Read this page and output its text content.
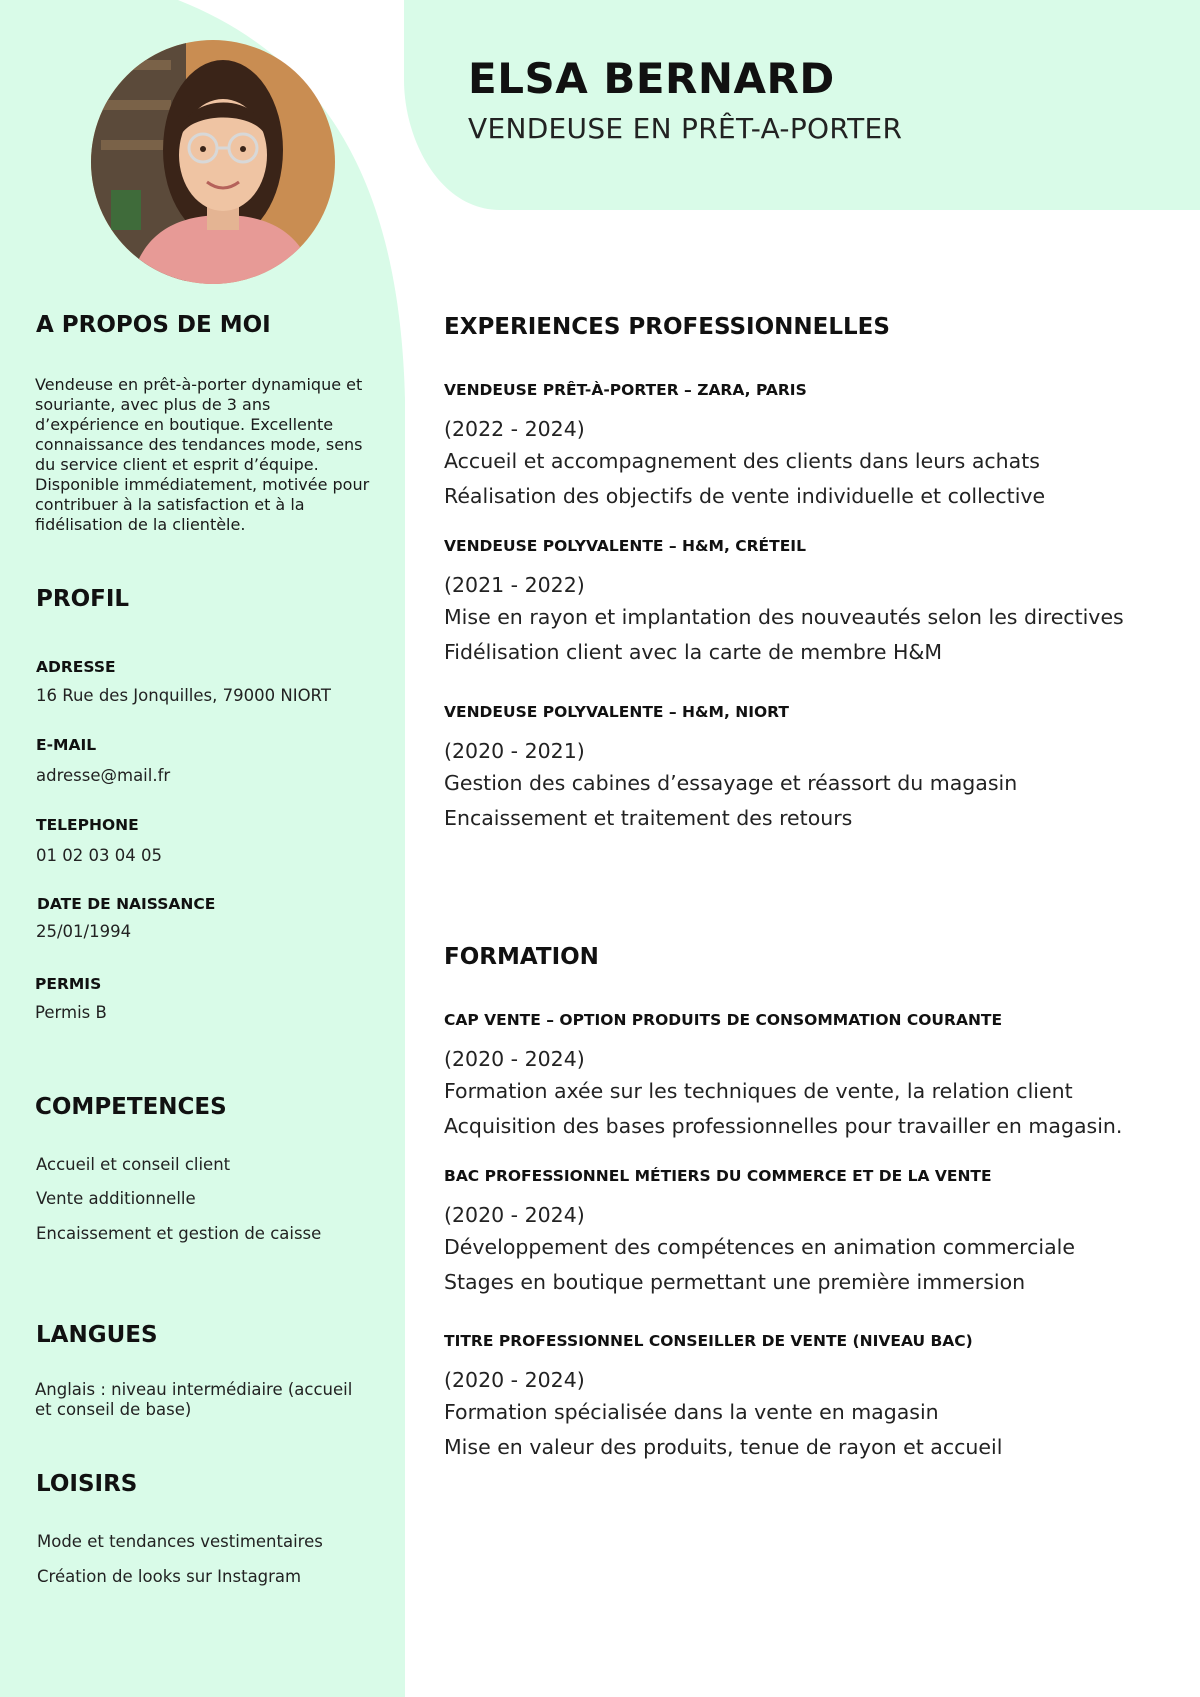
ELSA BERNARD
VENDEUSE EN PRÊT-A-PORTER
A PROPOS DE MOI

Vendeuse en prêt-à-porter dynamique et souriante, avec plus de 3 ans d’expérience en boutique. Excellente connaissance des tendances mode, sens du service client et esprit d’équipe. Disponible immédiatement, motivée pour contribuer à la satisfaction et à la fidélisation de la clientèle.

PROFIL
ADRESSE
16 Rue des Jonquilles, 79000 NIORT
E-MAIL
adresse@mail.fr
TELEPHONE
01 02 03 04 05
DATE DE NAISSANCE
25/01/1994
PERMIS
Permis B
COMPETENCES
Accueil et conseil client
Vente additionnelle
Encaissement et gestion de caisse
LANGUES
Anglais : niveau intermédiaire (accueil et conseil de base)
LOISIRS
Mode et tendances vestimentaires
Création de looks sur Instagram
EXPERIENCES PROFESSIONNELLES
VENDEUSE PRÊT-À-PORTER – ZARA, PARIS
(2022 - 2024)
Accueil et accompagnement des clients dans leurs achats
Réalisation des objectifs de vente individuelle et collective
VENDEUSE POLYVALENTE – H&M, CRÉTEIL
(2021 - 2022)
Mise en rayon et implantation des nouveautés selon les directives
Fidélisation client avec la carte de membre H&M
VENDEUSE POLYVALENTE – H&M, NIORT
(2020 - 2021)
Gestion des cabines d’essayage et réassort du magasin
Encaissement et traitement des retours
FORMATION
CAP VENTE – OPTION PRODUITS DE CONSOMMATION COURANTE
(2020 - 2024)
Formation axée sur les techniques de vente, la relation client
Acquisition des bases professionnelles pour travailler en magasin.
BAC PROFESSIONNEL MÉTIERS DU COMMERCE ET DE LA VENTE
(2020 - 2024)
Développement des compétences en animation commerciale
Stages en boutique permettant une première immersion
TITRE PROFESSIONNEL CONSEILLER DE VENTE (NIVEAU BAC)
(2020 - 2024)
Formation spécialisée dans la vente en magasin
Mise en valeur des produits, tenue de rayon et accueil
